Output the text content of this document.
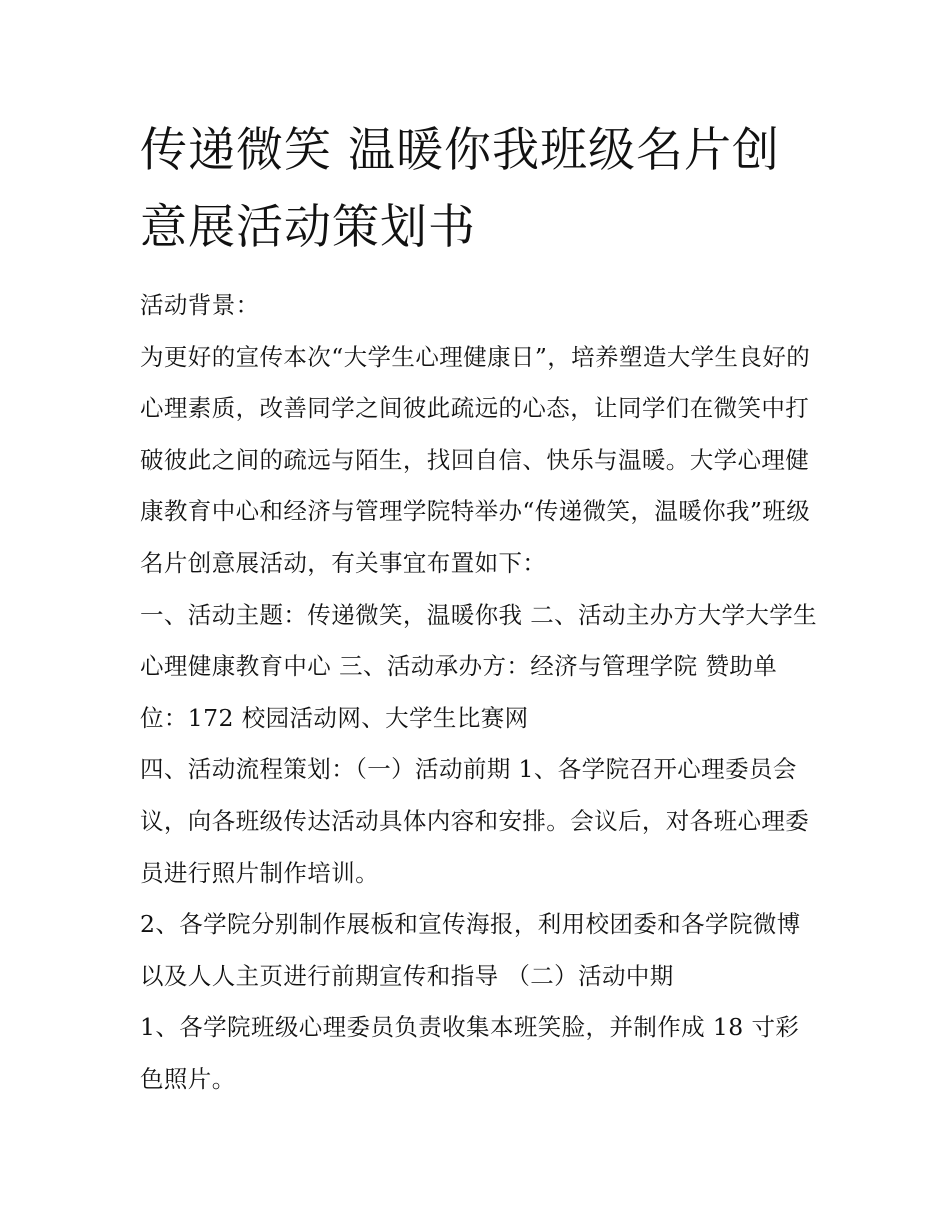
传递微笑 温暖你我班级名片创意展活动策划书

活动背景：

为更好的宣传本次“大学生心理健康日”，培养塑造大学生良好的心理素质，改善同学之间彼此疏远的心态，让同学们在微笑中打破彼此之间的疏远与陌生，找回自信、快乐与温暖。大学心理健康教育中心和经济与管理学院特举办“传递微笑，温暖你我”班级名片创意展活动，有关事宜布置如下：

一、活动主题：传递微笑，温暖你我 二、活动主办方大学大学生心理健康教育中心 三、活动承办方：经济与管理学院 赞助单位：172 校园活动网、大学生比赛网

四、活动流程策划：（一）活动前期 1、各学院召开心理委员会议，向各班级传达活动具体内容和安排。会议后，对各班心理委员进行照片制作培训。

2、各学院分别制作展板和宣传海报，利用校团委和各学院微博以及人人主页进行前期宣传和指导 （二）活动中期

1、各学院班级心理委员负责收集本班笑脸，并制作成 18 寸彩色照片。
